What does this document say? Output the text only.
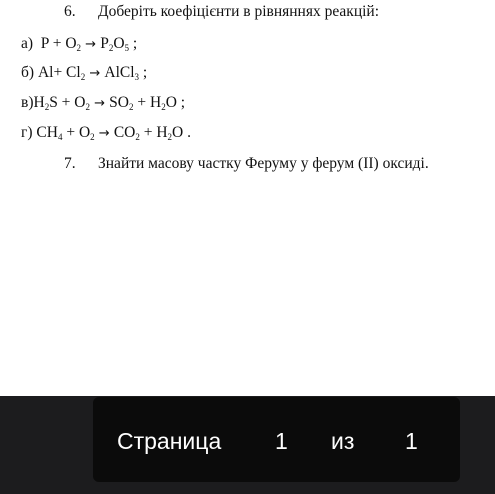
6. Доберіть коефіцієнти в рівняннях реакцій:
а) $P + O_2 \to P_2O_5$ ;
б) $Al+ Cl_2$ → AlCl$_3$ ;
$в)H_2S + O_2 \to SO_2 + H_2O$ ;
г) $CH_4 + O_2 \to CO_2 + H_2O$ .
7. Знайти масову частку Феруму у ферум (II) оксиді.
Страница 1 из 1
